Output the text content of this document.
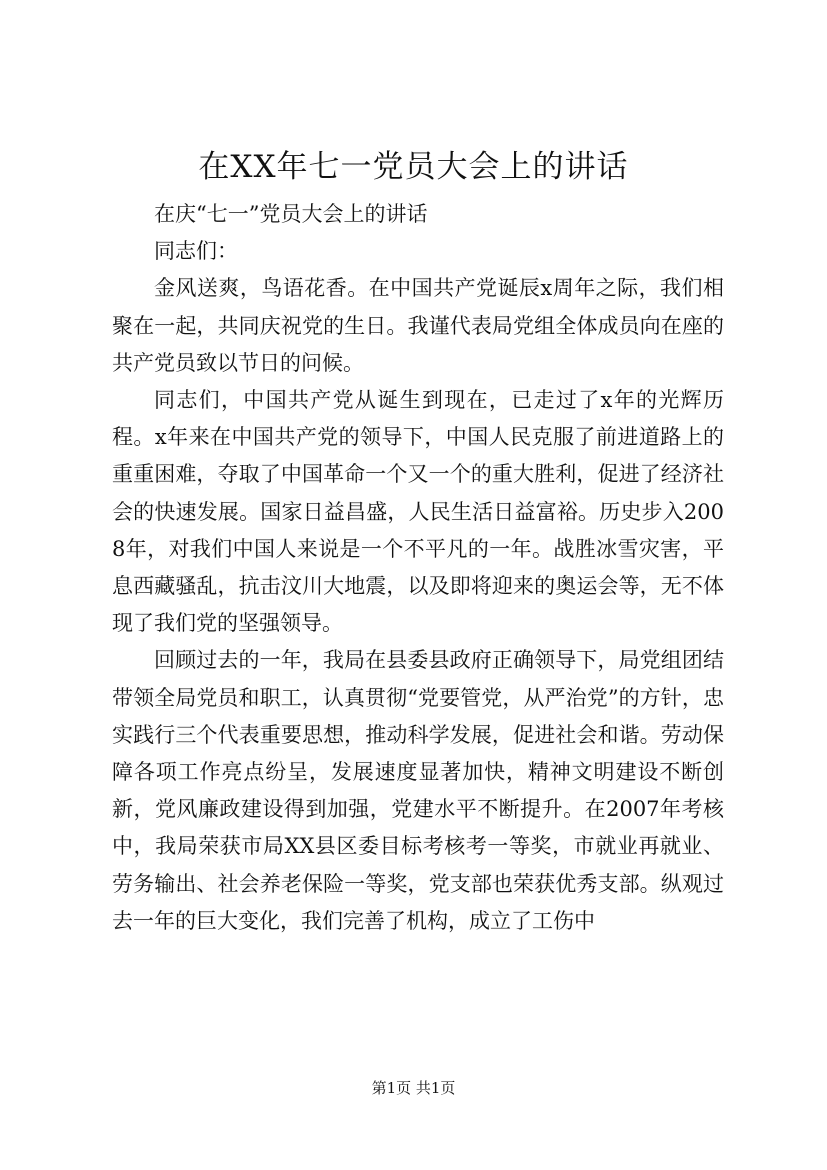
在XX年七一党员大会上的讲话

在庆“七一”党员大会上的讲话

同志们：

金风送爽，鸟语花香。在中国共产党诞辰x周年之际，我们相聚在一起，共同庆祝党的生日。我谨代表局党组全体成员向在座的共产党员致以节日的问候。

同志们，中国共产党从诞生到现在，已走过了x年的光辉历程。x年来在中国共产党的领导下，中国人民克服了前进道路上的重重困难，夺取了中国革命一个又一个的重大胜利，促进了经济社会的快速发展。国家日益昌盛，人民生活日益富裕。历史步入2008年，对我们中国人来说是一个不平凡的一年。战胜冰雪灾害，平息西藏骚乱，抗击汶川大地震，以及即将迎来的奥运会等，无不体现了我们党的坚强领导。

回顾过去的一年，我局在县委县政府正确领导下，局党组团结带领全局党员和职工，认真贯彻“党要管党，从严治党”的方针，忠实践行三个代表重要思想，推动科学发展，促进社会和谐。劳动保障各项工作亮点纷呈，发展速度显著加快，精神文明建设不断创新，党风廉政建设得到加强，党建水平不断提升。在2007年考核中，我局荣获市局XX县区委目标考核考一等奖，市就业再就业、劳务输出、社会养老保险一等奖，党支部也荣获优秀支部。纵观过去一年的巨大变化，我们完善了机构，成立了工伤中

第1页 共1页
